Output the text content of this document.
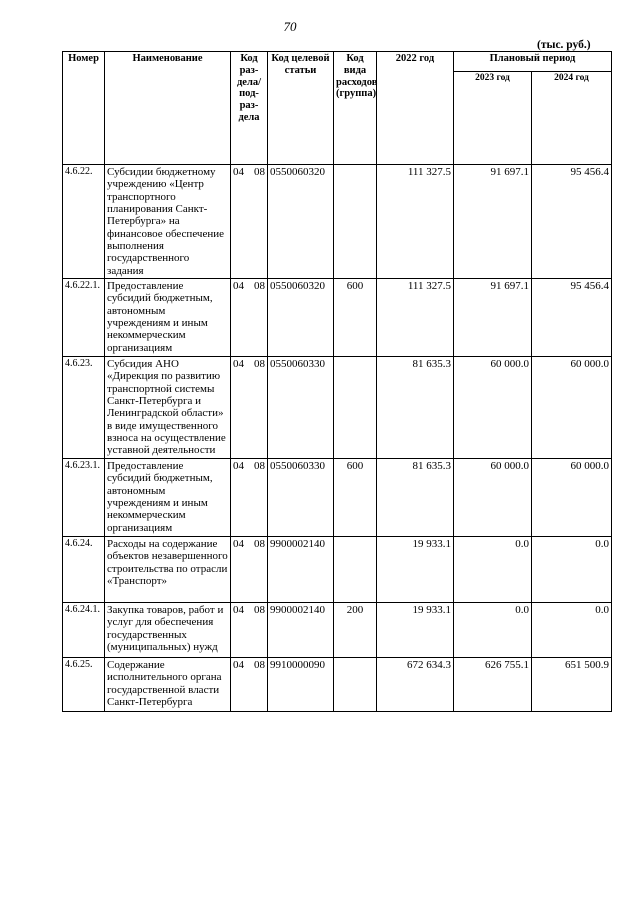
70
(тыс. руб.)
Номер	Наименование	Код раз-дела/ под-раз-дела	Код целевой статьи	Код вида расходов (группа)	2022 год	Плановый период	
						2023 год	2024 год
4.6.22.	Субсидии бюджетному учреждению «Центр транспортного планирования Санкт-Петербурга» на финансовое обеспечение выполнения государственного задания	04 08	0550060320		111 327.5	91 697.1	95 456.4
4.6.22.1.	Предоставление субсидий бюджетным, автономным учреждениям и иным некоммерческим организациям	04 08	0550060320	600	111 327.5	91 697.1	95 456.4
4.6.23.	Субсидия АНО «Дирекция по развитию транспортной системы Санкт-Петербурга и Ленинградской области» в виде имущественного взноса на осуществление уставной деятельности	04 08	0550060330		81 635.3	60 000.0	60 000.0
4.6.23.1.	Предоставление субсидий бюджетным, автономным учреждениям и иным некоммерческим организациям	04 08	0550060330	600	81 635.3	60 000.0	60 000.0
4.6.24.	Расходы на содержание объектов незавершенного строительства по отрасли «Транспорт»	04 08	9900002140		19 933.1	0.0	0.0
4.6.24.1.	Закупка товаров, работ и услуг для обеспечения государственных (муниципальных) нужд	04 08	9900002140	200	19 933.1	0.0	0.0
4.6.25.	Содержание исполнительного органа государственной власти Санкт-Петербурга	04 08	9910000090		672 634.3	626 755.1	651 500.9
